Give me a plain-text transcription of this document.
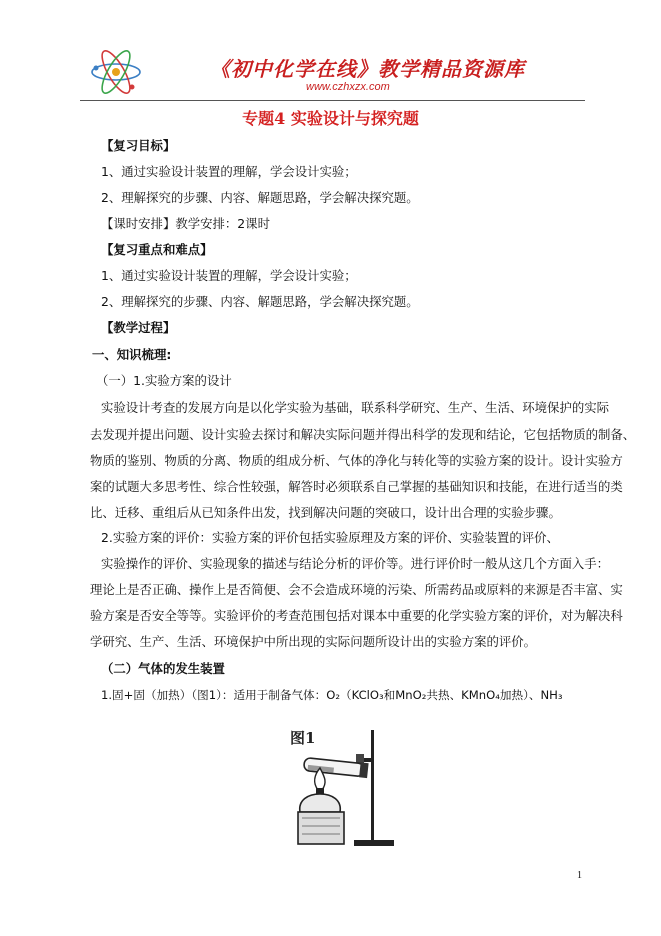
《初中化学在线》教学精品资源库
www.czhxzx.com
专题4 实验设计与探究题
【复习目标】
1、通过实验设计装置的理解，学会设计实验；
2、理解探究的步骤、内容、解题思路，学会解决探究题。
【课时安排】教学安排：2课时
【复习重点和难点】
1、通过实验设计装置的理解，学会设计实验；
2、理解探究的步骤、内容、解题思路，学会解决探究题。
【教学过程】
一、知识梳理:
（一）1.实验方案的设计
实验设计考查的发展方向是以化学实验为基础，联系科学研究、生产、生活、环境保护的实际
去发现并提出问题、设计实验去探讨和解决实际问题并得出科学的发现和结论，它包括物质的制备、
物质的鉴别、物质的分离、物质的组成分析、气体的净化与转化等的实验方案的设计。设计实验方
案的试题大多思考性、综合性较强，解答时必须联系自己掌握的基础知识和技能，在进行适当的类
比、迁移、重组后从已知条件出发，找到解决问题的突破口，设计出合理的实验步骤。
2.实验方案的评价：实验方案的评价包括实验原理及方案的评价、实验装置的评价、
实验操作的评价、实验现象的描述与结论分析的评价等。进行评价时一般从这几个方面入手：
理论上是否正确、操作上是否简便、会不会造成环境的污染、所需药品或原料的来源是否丰富、实
验方案是否安全等等。实验评价的考查范围包括对课本中重要的化学实验方案的评价，对为解决科
学研究、生产、生活、环境保护中所出现的实际问题所设计出的实验方案的评价。
（二）气体的发生装置
1.固+固（加热）（图1）：适用于制备气体：O₂（KClO₃和MnO₂共热、KMnO₄加热）、NH₃
图1
1
